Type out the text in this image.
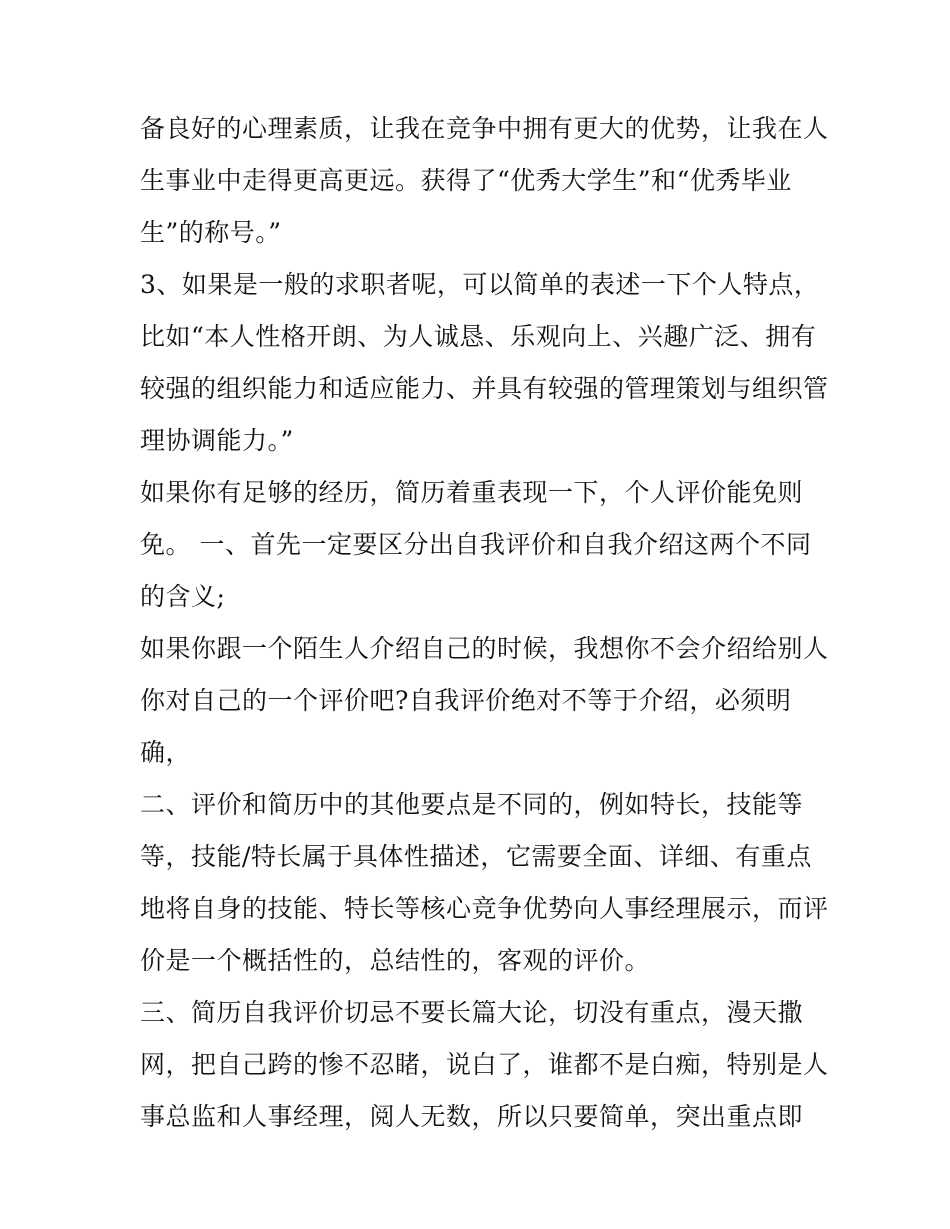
备良好的心理素质，让我在竞争中拥有更大的优势，让我在人
生事业中走得更高更远。获得了“优秀大学生”和“优秀毕业
生”的称号。”
3、如果是一般的求职者呢，可以简单的表述一下个人特点，
比如“本人性格开朗、为人诚恳、乐观向上、兴趣广泛、拥有
较强的组织能力和适应能力、并具有较强的管理策划与组织管
理协调能力。”
如果你有足够的经历，简历着重表现一下，个人评价能免则
免。 一、首先一定要区分出自我评价和自我介绍这两个不同
的含义;
如果你跟一个陌生人介绍自己的时候，我想你不会介绍给别人
你对自己的一个评价吧?自我评价绝对不等于介绍，必须明
确，
二、评价和简历中的其他要点是不同的，例如特长，技能等
等，技能/特长属于具体性描述，它需要全面、详细、有重点
地将自身的技能、特长等核心竞争优势向人事经理展示，而评
价是一个概括性的，总结性的，客观的评价。
三、简历自我评价切忌不要长篇大论，切没有重点，漫天撒
网，把自己跨的惨不忍睹，说白了，谁都不是白痴，特别是人
事总监和人事经理，阅人无数，所以只要简单，突出重点即
